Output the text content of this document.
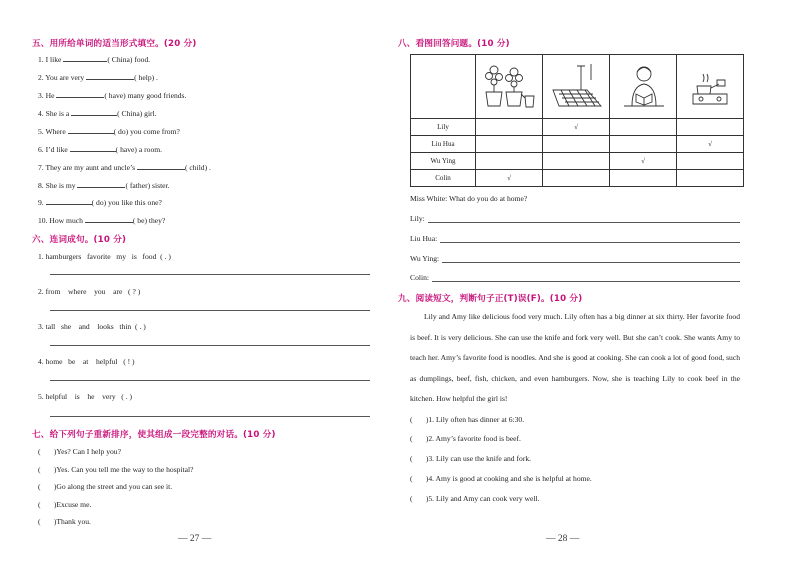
五、用所给单词的适当形式填空。(20 分)
1. I like	( China) food.
2. You are very	( help) .
3. He	( have) many good friends.
4. She is a	( China) girl.
5. Where	( do) you come from?
6. I’d like	( have) a room.
7. They are my aunt and uncle’s	( child) .
8. She is my	( father) sister.
9.	( do) you like this one?
10. How much	( be) they?
六、连词成句。(10 分)
1. hamburgers   favorite   my   is   food  ( . )
2. from    where    you    are   ( ? )
3. tall   she    and    looks   thin  ( . )
4. home   be    at    helpful   ( ! )
5. helpful    is    he    very   ( . )
七、给下列句子重新排序，使其组成一段完整的对话。(10 分)
(       )Yes? Can I help you?
(       )Yes. Can you tell me the way to the hospital?
(       )Go along the street and you can see it.
(       )Excuse me.
(       )Thank you.
— 27 —
八、看图回答问题。(10 分)

Lily		√		
Liu Hua				√
Wu Ying			√	
Colin	√			
Miss White: What do you do at home?
Lily:
Liu Hua:
Wu Ying:
Colin:
九、阅读短文，判断句子正(T)误(F)。(10 分)
Lily and Amy like delicious food very much. Lily often has a big dinner at six thirty. Her favorite food is beef. It is very delicious. She can use the knife and fork very well. But she can’t cook. She wants Amy to teach her. Amy’s favorite food is noodles. And she is good at cooking. She can cook a lot of good food, such as dumplings, beef, fish, chicken, and even hamburgers. Now, she is teaching Lily to cook beef in the kitchen. How helpful the girl is!
(       )1. Lily often has dinner at 6:30.
(       )2. Amy’s favorite food is beef.
(       )3. Lily can use the knife and fork.
(       )4. Amy is good at cooking and she is helpful at home.
(       )5. Lily and Amy can cook very well.
— 28 —
